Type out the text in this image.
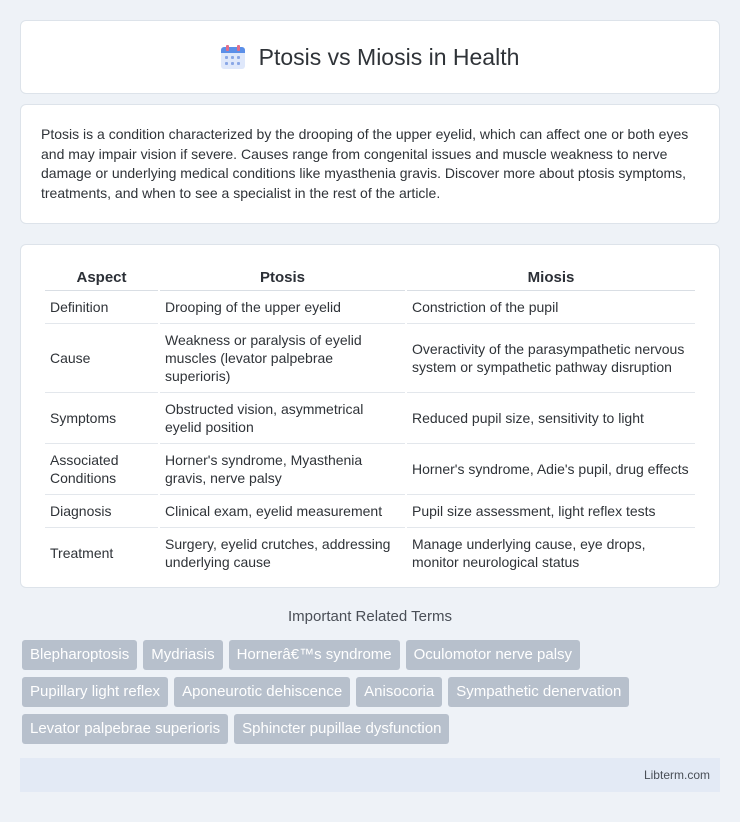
Ptosis vs Miosis in Health

Ptosis is a condition characterized by the drooping of the upper eyelid, which can affect one or both eyes and may impair vision if severe. Causes range from congenital issues and muscle weakness to nerve damage or underlying medical conditions like myasthenia gravis. Discover more about ptosis symptoms, treatments, and when to see a specialist in the rest of the article.

Aspect	Ptosis	Miosis
Definition	Drooping of the upper eyelid	Constriction of the pupil
Cause	Weakness or paralysis of eyelid muscles (levator palpebrae superioris)	Overactivity of the parasympathetic nervous system or sympathetic pathway disruption
Symptoms	Obstructed vision, asymmetrical eyelid position	Reduced pupil size, sensitivity to light
Associated Conditions	Horner's syndrome, Myasthenia gravis, nerve palsy	Horner's syndrome, Adie's pupil, drug effects
Diagnosis	Clinical exam, eyelid measurement	Pupil size assessment, light reflex tests
Treatment	Surgery, eyelid crutches, addressing underlying cause	Manage underlying cause, eye drops, monitor neurological status
Important Related Terms
Blepharoptosis	Mydriasis	Hornerâ€™s syndrome	Oculomotor nerve palsy
Pupillary light reflex	Aponeurotic dehiscence	Anisocoria	Sympathetic denervation
Levator palpebrae superioris	Sphincter pupillae dysfunction
Libterm.com
